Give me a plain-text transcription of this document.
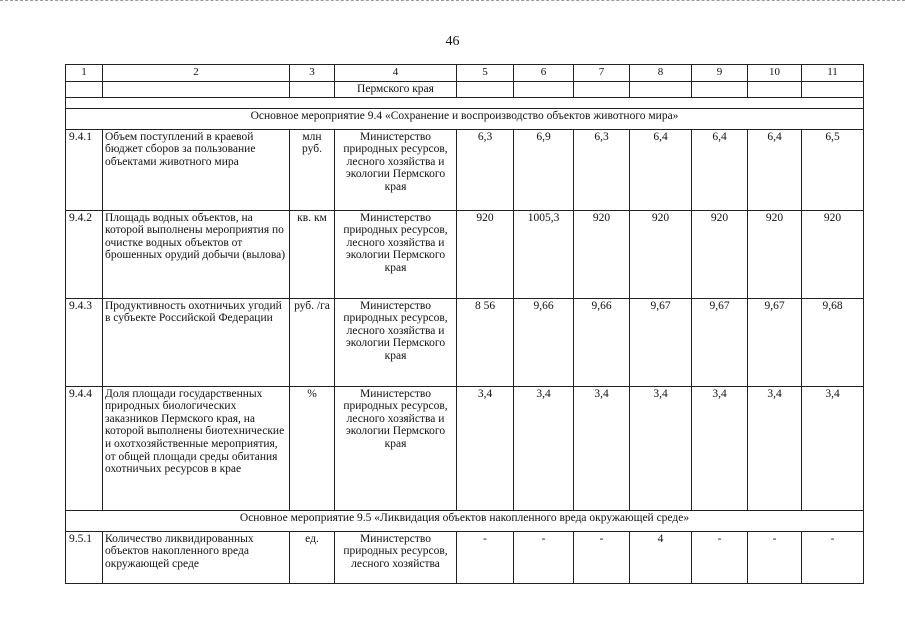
46
1	2	3	4	5	6	7	8	9	10	11
			Пермского края							

Основное мероприятие 9.4 «Сохранение и воспроизводство объектов животного мира»										
9.4.1	Объем поступлений в краевой бюджет сборов за пользование объектами животного мира	млн руб.	Министерство природных ресурсов, лесного хозяйства и экологии Пермского края	6,3	6,9	6,3	6,4	6,4	6,4	6,5
9.4.2	Площадь водных объектов, на которой выполнены мероприятия по очистке водных объектов от брошенных орудий добычи (вылова)	кв. км	Министерство природных ресурсов, лесного хозяйства и экологии Пермского края	920	1005,3	920	920	920	920	920
9.4.3	Продуктивность охотничьих угодий в субъекте Российской Федерации	руб. /га	Министерство природных ресурсов, лесного хозяйства и экологии Пермского края	8 56	9,66	9,66	9,67	9,67	9,67	9,68
9.4.4	Доля площади государственных природных биологических заказников Пермского края, на которой выполнены биотехнические и охотхозяйственные мероприятия, от общей площади среды обитания охотничьих ресурсов в крае	%	Министерство природных ресурсов, лесного хозяйства и экологии Пермского края	3,4	3,4	3,4	3,4	3,4	3,4	3,4
Основное мероприятие 9.5 «Ликвидация объектов накопленного вреда окружающей среде»										
9.5.1	Количество ликвидированных объектов накопленного вреда окружающей среде	ед.	Министерство природных ресурсов, лесного хозяйства	-	-	-	4	-	-	-
